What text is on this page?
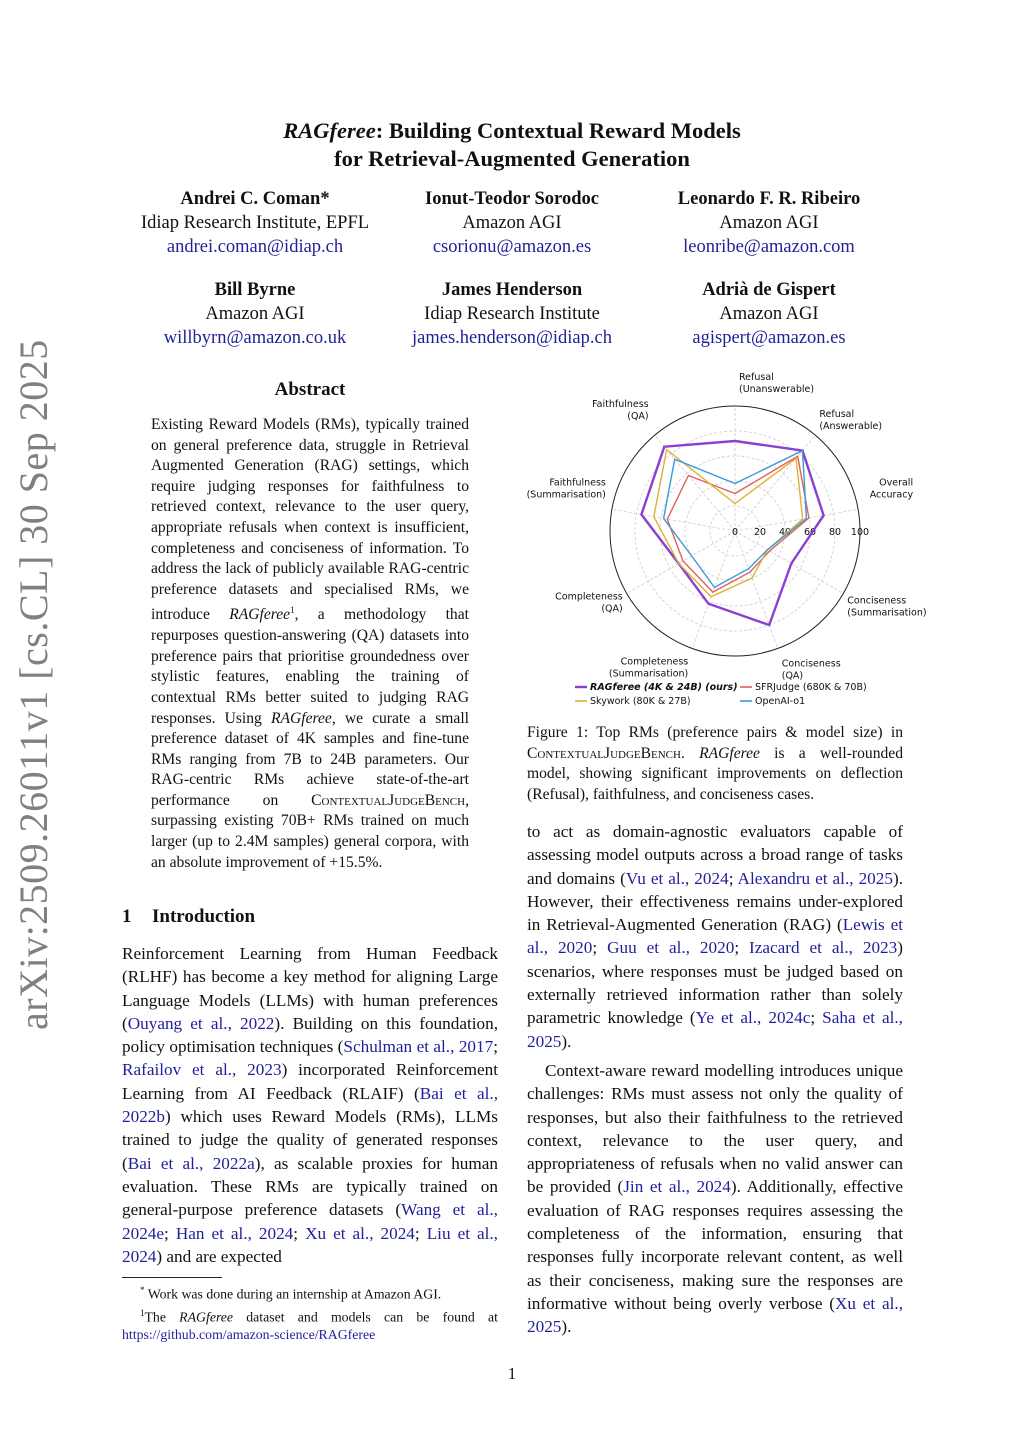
arXiv:2509.26011v1 [cs.CL] 30 Sep 2025
RAGferee: Building Contextual Reward Models
for Retrieval-Augmented Generation
Andrei C. Coman*
Idiap Research Institute, EPFL
andrei.coman@idiap.ch
Ionut-Teodor Sorodoc
Amazon AGI
csorionu@amazon.es
Leonardo F. R. Ribeiro
Amazon AGI
leonribe@amazon.com
Bill Byrne
Amazon AGI
willbyrn@amazon.co.uk
James Henderson
Idiap Research Institute
james.henderson@idiap.ch
Adrià de Gispert
Amazon AGI
agispert@amazon.es
Abstract

Existing Reward Models (RMs), typically trained on general preference data, struggle in Retrieval Augmented Generation (RAG) settings, which require judging responses for faithfulness to retrieved context, relevance to the user query, appropriate refusals when context is insufficient, completeness and conciseness of information. To address the lack of publicly available RAG-centric preference datasets and specialised RMs, we introduce RAGferee$^1$, a methodology that repurposes question-answering (QA) datasets into preference pairs that prioritise groundedness over stylistic features, enabling the training of contextual RMs better suited to judging RAG responses. Using RAGferee, we curate a small preference dataset of 4K samples and fine-tune RMs ranging from 7B to 24B parameters. Our RAG-centric RMs achieve state-of-the-art performance on ContextualJudgeBench, surpassing existing 70B+ RMs trained on much larger (up to 2.4M samples) general corpora, with an absolute improvement of +15.5%.

1 Introduction

Reinforcement Learning from Human Feedback (RLHF) has become a key method for aligning Large Language Models (LLMs) with human preferences (Ouyang et al., 2022). Building on this foundation, policy optimisation techniques (Schulman et al., 2017; Rafailov et al., 2023) incorporated Reinforcement Learning from AI Feedback (RLAIF) (Bai et al., 2022b) which uses Reward Models (RMs), LLMs trained to judge the quality of generated responses (Bai et al., 2022a), as scalable proxies for human evaluation. These RMs are typically trained on general-purpose preference datasets (Wang et al., 2024e; Han et al., 2024; Xu et al., 2024; Liu et al., 2024) and are expected

* Work was done during an internship at Amazon AGI.

$^1$The RAGferee dataset and models can be found at https://github.com/amazon-science/RAGferee

0 20 40 60 80 100
Refusal (Unanswerable)
Refusal (Answerable)
Overall Accuracy
Conciseness (Summarisation)
Conciseness (QA)
Completeness (Summarisation)
Completeness (QA)
Faithfulness (Summarisation)
Faithfulness (QA)
RAGferee (4K & 24B) (ours) SFRJudge (680K & 70B)
Skywork (80K & 27B)	OpenAI-o1
Figure 1: Top RMs (preference pairs & model size) in ContextualJudgeBench. RAGferee is a well-rounded model, showing significant improvements on deflection (Refusal), faithfulness, and conciseness cases.

to act as domain-agnostic evaluators capable of assessing model outputs across a broad range of tasks and domains (Vu et al., 2024; Alexandru et al., 2025). However, their effectiveness remains under-explored in Retrieval-Augmented Generation (RAG) (Lewis et al., 2020; Guu et al., 2020; Izacard et al., 2023) scenarios, where responses must be judged based on externally retrieved information rather than solely parametric knowledge (Ye et al., 2024c; Saha et al., 2025).

Context-aware reward modelling introduces unique challenges: RMs must assess not only the quality of responses, but also their faithfulness to the retrieved context, relevance to the user query, and appropriateness of refusals when no valid answer can be provided (Jin et al., 2024). Additionally, effective evaluation of RAG responses requires assessing the completeness of the information, ensuring that responses fully incorporate relevant content, as well as their conciseness, making sure the responses are informative without being overly verbose (Xu et al., 2025).

1
